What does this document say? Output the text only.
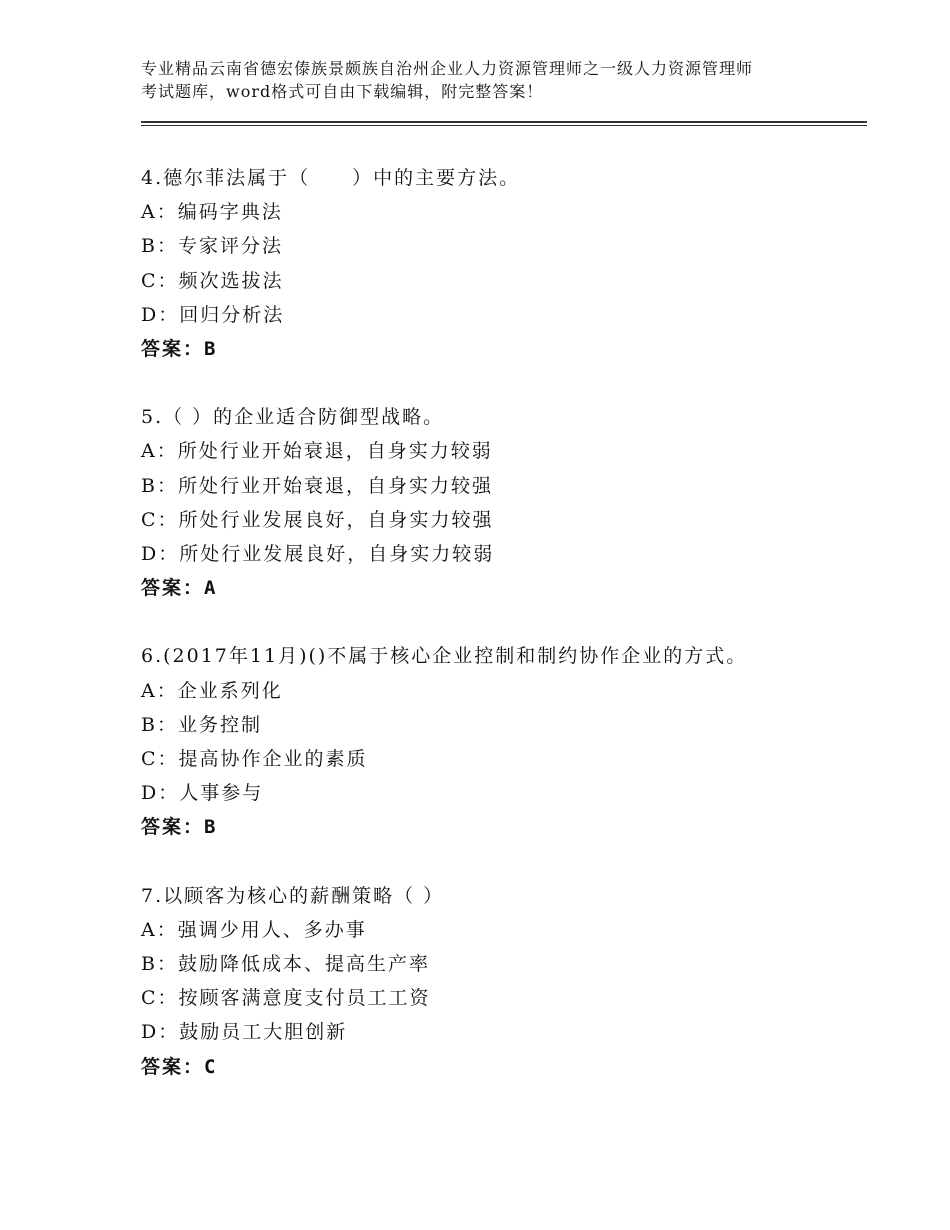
专业精品云南省德宏傣族景颇族自治州企业人力资源管理师之一级人力资源管理师
考试题库，word格式可自由下载编辑，附完整答案！
4.德尔菲法属于（　　）中的主要方法。
A：编码字典法
B：专家评分法
C：频次选拔法
D：回归分析法
答案：B
5.（ ）的企业适合防御型战略。
A：所处行业开始衰退，自身实力较弱
B：所处行业开始衰退，自身实力较强
C：所处行业发展良好，自身实力较强
D：所处行业发展良好，自身实力较弱
答案：A
6.(2017年11月)()不属于核心企业控制和制约协作企业的方式。
A：企业系列化
B：业务控制
C：提高协作企业的素质
D：人事参与
答案：B
7.以顾客为核心的薪酬策略（ ）
A：强调少用人、多办事
B：鼓励降低成本、提高生产率
C：按顾客满意度支付员工工资
D：鼓励员工大胆创新
答案：C
